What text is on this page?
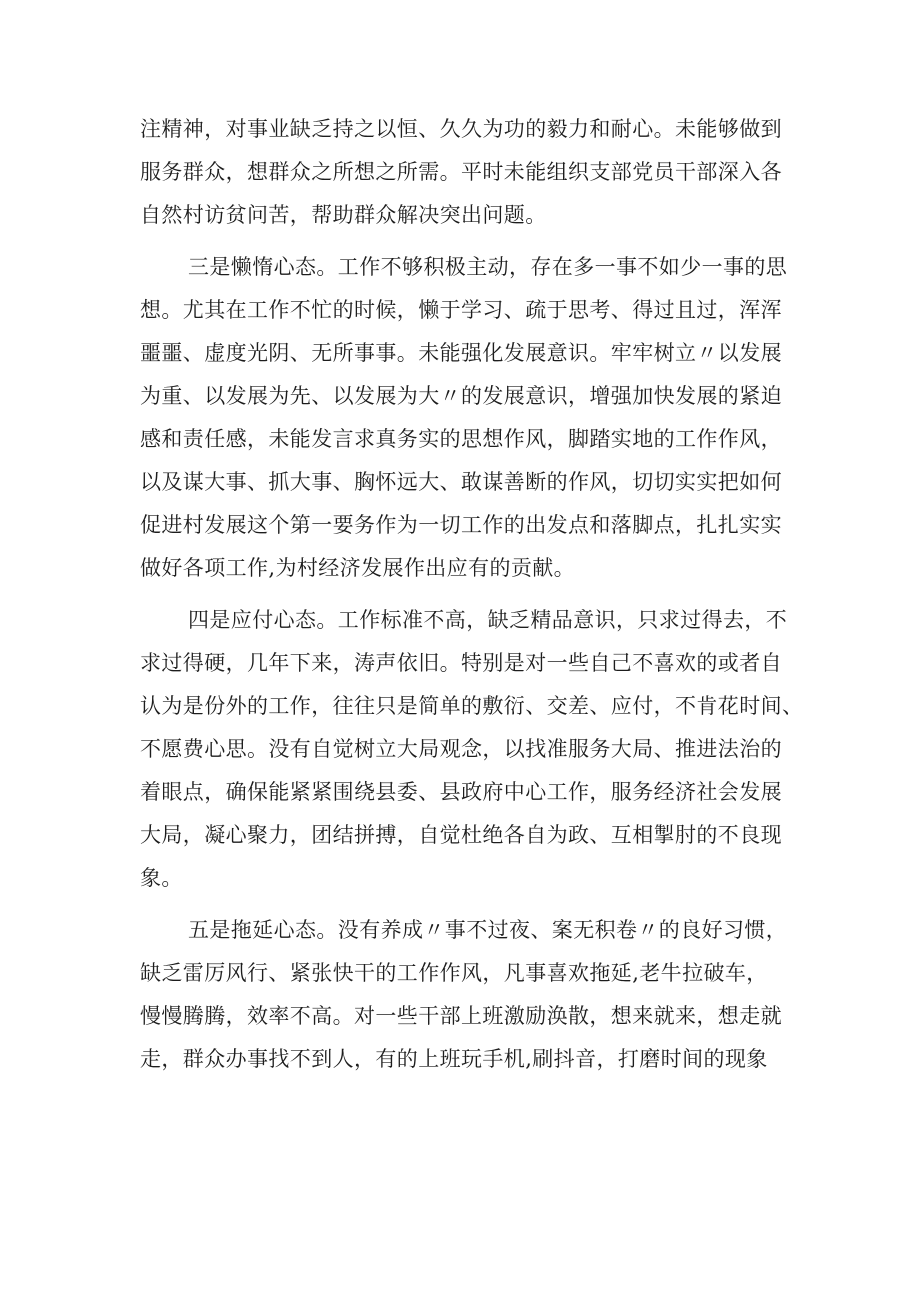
注精神，对事业缺乏持之以恒、久久为功的毅力和耐心。未能够做到
服务群众，想群众之所想之所需。平时未能组织支部党员干部深入各
自然村访贫问苦，帮助群众解决突出问题。
三是懒惰心态。工作不够积极主动，存在多一事不如少一事的思
想。尤其在工作不忙的时候，懒于学习、疏于思考、得过且过，浑浑
噩噩、虚度光阴、无所事事。未能强化发展意识。牢牢树立〃以发展
为重、以发展为先、以发展为大〃的发展意识，增强加快发展的紧迫
感和责任感，未能发言求真务实的思想作风，脚踏实地的工作作风，
以及谋大事、抓大事、胸怀远大、敢谋善断的作风，切切实实把如何
促进村发展这个第一要务作为一切工作的出发点和落脚点，扎扎实实
做好各项工作,为村经济发展作出应有的贡献。
四是应付心态。工作标准不高，缺乏精品意识，只求过得去，不
求过得硬，几年下来，涛声依旧。特别是对一些自己不喜欢的或者自
认为是份外的工作，往往只是简单的敷衍、交差、应付，不肯花时间、
不愿费心思。没有自觉树立大局观念，以找准服务大局、推进法治的
着眼点，确保能紧紧围绕县委、县政府中心工作，服务经济社会发展
大局，凝心聚力，团结拼搏，自觉杜绝各自为政、互相掣肘的不良现
象。
五是拖延心态。没有养成〃事不过夜、案无积卷〃的良好习惯，
缺乏雷厉风行、紧张快干的工作作风，凡事喜欢拖延,老牛拉破车，
慢慢腾腾，效率不高。对一些干部上班激励涣散，想来就来，想走就
走，群众办事找不到人，有的上班玩手机,刷抖音，打磨时间的现象
